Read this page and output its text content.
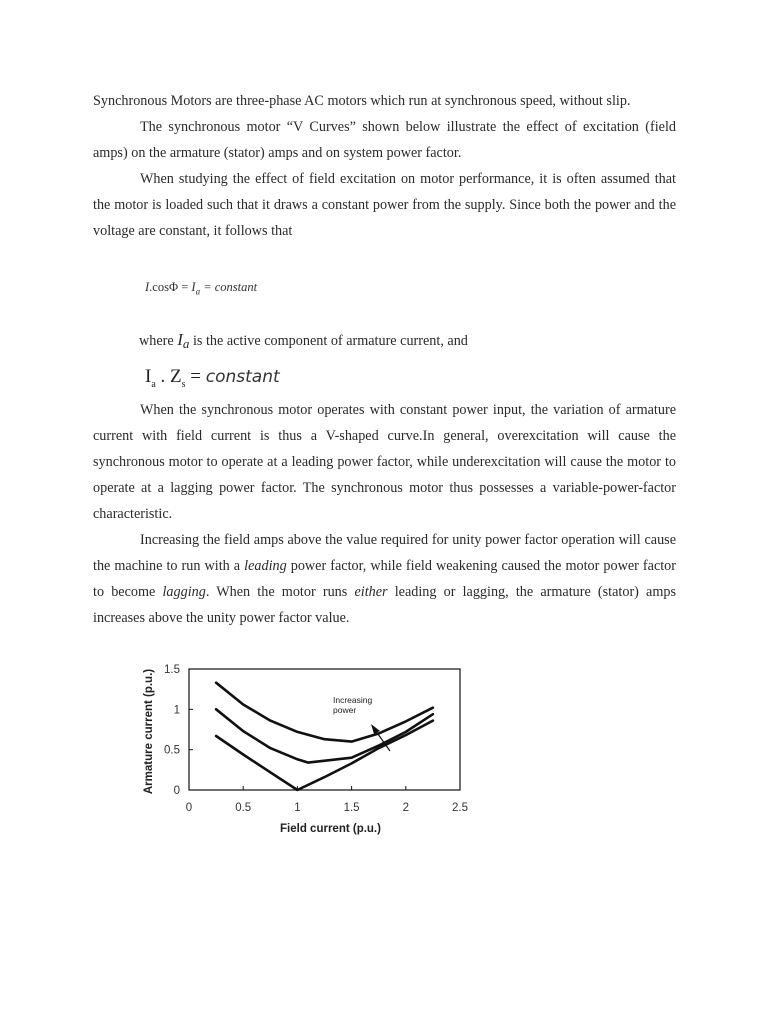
Synchronous Motors are three-phase AC motors which run at synchronous speed, without slip.

The synchronous motor “V Curves” shown below illustrate the effect of excitation (field amps) on the armature (stator) amps and on system power factor.

When studying the effect of field excitation on motor performance, it is often assumed that the motor is loaded such that it draws a constant power from the supply. Since both the power and the voltage are constant, it follows that

$I.\cos\Phi = I_a$ = constant
where $I_a$ is the active component of armature current, and
$I_a$ . $Z_s$ = constant

When the synchronous motor operates with constant power input, the variation of armature current with field current is thus a V-shaped curve.In general, overexcitation will cause the synchronous motor to operate at a leading power factor, while underexcitation will cause the motor to operate at a lagging power factor. The synchronous motor thus possesses a variable-power-factor characteristic.

Increasing the field amps above the value required for unity power factor operation will cause the machine to run with a leading power factor, while field weakening caused the motor power factor to become lagging. When the motor runs either leading or lagging, the armature (stator) amps increases above the unity power factor value.

0	0.5	1	1.5	2	2.5
0
0.5
1
1.5
Field current (p.u.)
Armature current (p.u.)	Increasing power
